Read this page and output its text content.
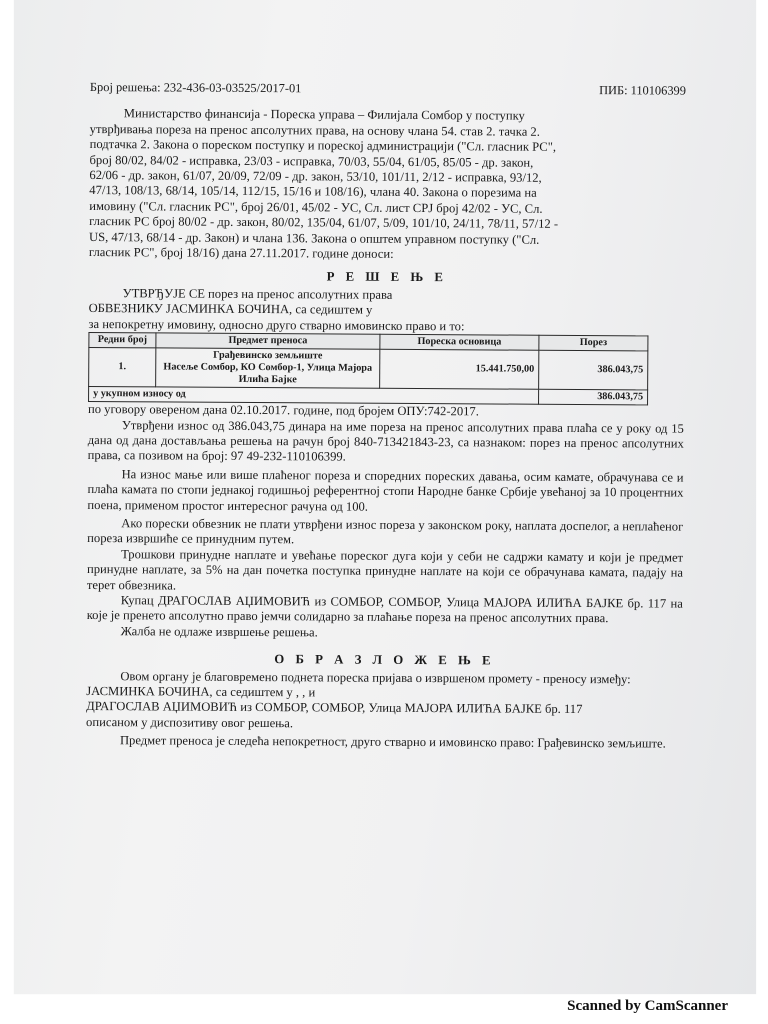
Број решења: 232-436-03-03525/2017-01	ПИБ: 110106399
Министарство финансија - Пореска управа – Филијала Сомбор у поступку
утврђивања пореза на пренос апсолутних права, на основу члана 54. став 2. тачка 2.
подтачка 2. Закона о пореском поступку и пореској администрацији ("Сл. гласник РС",
број 80/02, 84/02 - исправка, 23/03 - исправка, 70/03, 55/04, 61/05, 85/05 - др. закон,
62/06 - др. закон, 61/07, 20/09, 72/09 - др. закон, 53/10, 101/11, 2/12 - исправка, 93/12,
47/13, 108/13, 68/14, 105/14, 112/15, 15/16 и 108/16), члана 40. Закона о порезима на
имовину ("Сл. гласник РС", број 26/01, 45/02 - УС, Сл. лист СРЈ број 42/02 - УС, Сл.
гласник РС број 80/02 - др. закон, 80/02, 135/04, 61/07, 5/09, 101/10, 24/11, 78/11, 57/12 -
US, 47/13, 68/14 - др. Закон) и члана 136. Закона о општем управном поступку ("Сл.
гласник РС", број 18/16) дана 27.11.2017. године доноси:
Р Е Ш Е Њ Е
УТВРЂУЈЕ СЕ порез на пренос апсолутних права
ОБВЕЗНИКУ ЈАСМИНКА БОЧИНА, са седиштем у
за непокретну имовину, односно друго стварно имовинско право и то:
Редни број	Предмет преноса	Пореска основица	Порез
1.	Грађевинско земљиште
Насеље Сомбор, КО Сомбор-1, Улица Мајора
Илића Бајке	15.441.750,00	386.043,75
у укупном износу од			386.043,75

по уговору овереном дана 02.10.2017. године, под бројем ОПУ:742-2017.

Утврђени износ од 386.043,75 динара на име пореза на пренос апсолутних права плаћа се у року од 15 дана од дана достављања решења на рачун број 840-713421843-23, са назнаком: порез на пренос апсолутних права, са позивом на број: 97 49-232-110106399.

На износ мање или више плаћеног пореза и споредних пореских давања, осим камате, обрачунава се и плаћа камата по стопи једнакој годишњој референтној стопи Народне банке Србије увећаној за 10 процентних поена, применом простог интересног рачуна од 100.

Ако порески обвезник не плати утврђени износ пореза у законском року, наплата доспелог, а неплаћеног пореза извршиће се принудним путем.

Трошкови принудне наплате и увећање пореског дуга који у себи не садржи камату и који је предмет принудне наплате, за 5% на дан почетка поступка принудне наплате на који се обрачунава камата, падају на терет обвезника.

Купац ДРАГОСЛАВ АЏИМОВИЋ из СОМБОР, СОМБОР, Улица МАЈОРА ИЛИЋА БАЈКЕ бр. 117 на које је пренето апсолутно право јемчи солидарно за плаћање пореза на пренос апсолутних права.

Жалба не одлаже извршење решења.

О Б Р А З Л О Ж Е Њ Е

Овом органу је благовремено поднета пореска пријава о извршеном промету - преносу између:

ЈАСМИНКА БОЧИНА, са седиштем у , , и

ДРАГОСЛАВ АЏИМОВИЋ из СОМБОР, СОМБОР, Улица МАЈОРА ИЛИЋА БАЈКЕ бр. 117

описаном у диспозитиву овог решења.

Предмет преноса је следећа непокретност, друго стварно и имовинско право: Грађевинско земљиште.

Scanned by CamScanner
